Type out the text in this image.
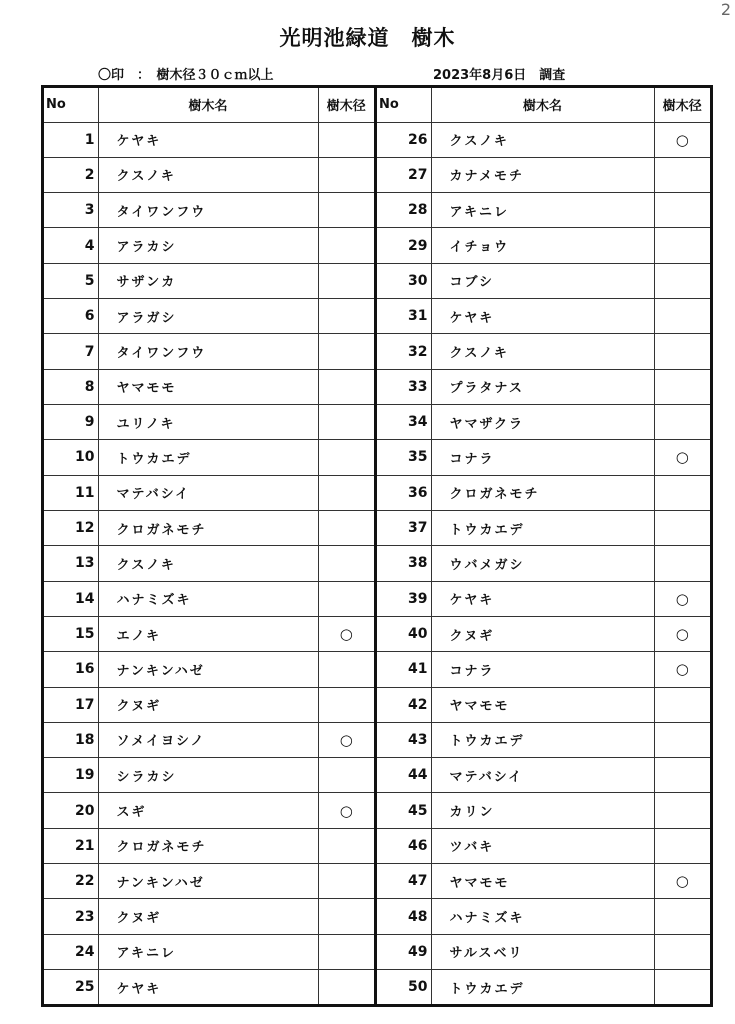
2
光明池緑道　樹木
〇印　：　樹木径３０ｃｍ以上	2023年8月6日　調査
No	樹木名	樹木径
1	ケヤキ	
2	クスノキ	
3	タイワンフウ	
4	アラカシ	
5	サザンカ	
6	アラガシ	
7	タイワンフウ	
8	ヤマモモ	
9	ユリノキ	
10	トウカエデ	
11	マテバシイ	
12	クロガネモチ	
13	クスノキ	
14	ハナミズキ	
15	エノキ	○
16	ナンキンハゼ	
17	クヌギ	
18	ソメイヨシノ	○
19	シラカシ	
20	スギ	○
21	クロガネモチ	
22	ナンキンハゼ	
23	クヌギ	
24	アキニレ	
25	ケヤキ	
No	樹木名	樹木径
26	クスノキ	○
27	カナメモチ	
28	アキニレ	
29	イチョウ	
30	コブシ	
31	ケヤキ	
32	クスノキ	
33	プラタナス	
34	ヤマザクラ	
35	コナラ	○
36	クロガネモチ	
37	トウカエデ	
38	ウバメガシ	
39	ケヤキ	○
40	クヌギ	○
41	コナラ	○
42	ヤマモモ	
43	トウカエデ	
44	マテバシイ	
45	カリン	
46	ツバキ	
47	ヤマモモ	○
48	ハナミズキ	
49	サルスベリ	
50	トウカエデ	
